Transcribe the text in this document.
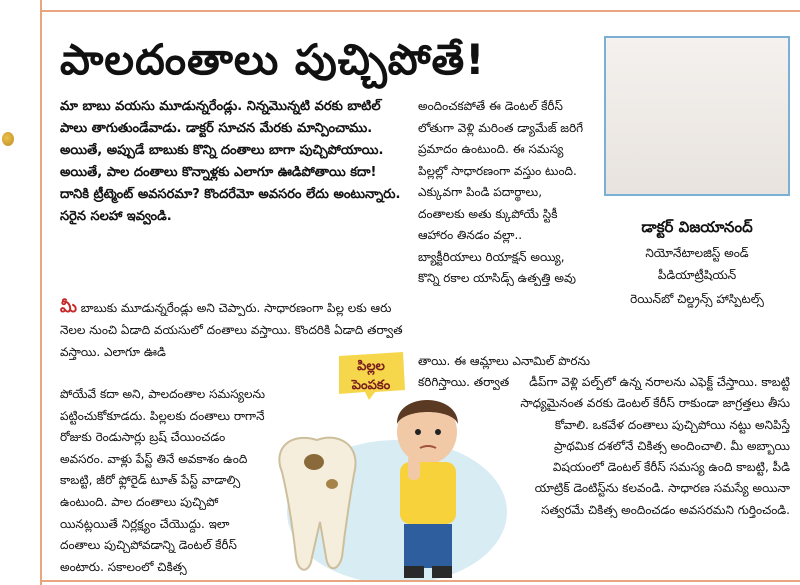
పాలదంతాలు పుచ్చిపోతే!
మా బాబు వయసు మూడున్నరేండ్లు. నిన్నమొన్నటి వరకు బాటిల్‌ పాలు తాగుతుండేవాడు. డాక్టర్‌ సూచన మేరకు మాన్పించాము. అయితే, అప్పుడే బాబుకు కొన్ని దంతాలు బాగా పుచ్చిపోయాయి. అయితే, పాల దంతాలు కొన్నాళ్లకు ఎలాగూ ఊడిపోతాయి కదా! దానికి ట్రీట్మెంట్‌ అవసరమా? కొందరేమో అవసరం లేదు అంటున్నారు. సరైన సలహా ఇవ్వండి.
అందించకపోతే ఈ డెంటల్‌ కేరీస్‌ లోతుగా వెళ్లి మరింత డ్యామేజ్‌ జరిగే ప్రమాదం ఉంటుంది. ఈ సమస్య పిల్లల్లో సాధారణంగా వస్తుం టుంది. ఎక్కువగా పిండి పదార్థాలు, దంతాలకు అతు క్కుపోయే స్టికీ ఆహారం తినడం వల్లా.. బ్యాక్టీరియాలు రియాక్షన్‌ అయ్యి, కొన్ని రకాల యాసిడ్స్‌ ఉత్పత్తి అవు
తాయి. ఈ ఆమ్లాలు ఎనామిల్‌ పొరను కరిగిస్తాయి. తర్వాత
మీ బాబుకు మూడున్నరేండ్లు అని చెప్పారు. సాధారణంగా పిల్ల లకు ఆరు నెలల నుంచి ఏడాది వయసులో దంతాలు వస్తాయి. కొందరికి ఏడాది తర్వాత వస్తాయి. ఎలాగూ ఊడి
పోయేవే కదా అని, పాలదంతాల సమస్యలను పట్టించుకోకూడదు. పిల్లలకు దంతాలు రాగానే రోజుకు రెండుసార్లు బ్రష్‌ చేయించడం అవసరం. వాళ్లు పేస్ట్‌ తినే అవకాశం ఉంది కాబట్టి, జీరో ఫ్లోరైడ్‌ టూత్‌ పేస్ట్‌ వాడాల్సి ఉంటుంది. పాల దంతాలు పుచ్చిపో యినట్లయితే నిర్లక్ష్యం చేయొద్దు. ఇలా దంతాలు పుచ్చిపోవడాన్ని డెంటల్‌ కేరీస్‌ అంటారు. సకాలంలో చికిత్స
డీప్‌గా వెళ్లి పల్ప్‌లో ఉన్న నరాలను ఎఫెక్ట్‌ చేస్తాయి. కాబట్టి సాధ్యమైనంత వరకు డెంటల్‌ కేరీస్‌ రాకుండా జాగ్రత్తలు తీసు కోవాలి. ఒకవేళ దంతాలు పుచ్చిపోయి నట్టు అనిపిస్తే ప్రాథమిక దశలోనే చికిత్స అందించాలి. మీ అబ్బాయి విషయంలో డెంటల్‌ కేరీస్‌ సమస్య ఉంది కాబట్టి, పీడి యాట్రిక్‌ డెంటిస్ట్‌ను కలవండి. సాధారణ సమస్యే అయినా సత్వరమే చికిత్స అందించడం అవసరమని గుర్తించండి.
డాక్టర్‌ విజయానంద్‌
నియోనేటాలజిస్ట్‌ అండ్‌
పీడియాట్రీషియన్‌
రెయిన్‌బో చిల్డ్రన్స్‌ హాస్పిటల్స్‌
పిల్లల
పెంపకం
